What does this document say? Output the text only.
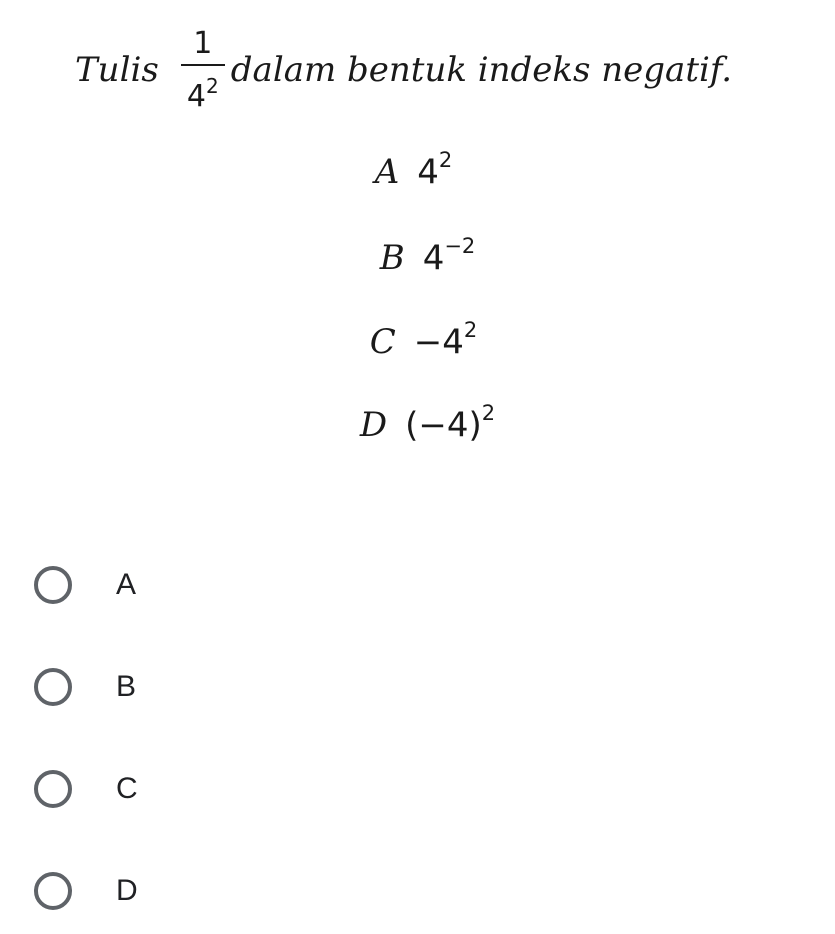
Tulis $\frac{1}{4^2}$ dalam bentuk indeks negatif.
A $4^2$
B $4^{-2}$
$C -4^2$
D $(-4)^2$
A
B
C
D
